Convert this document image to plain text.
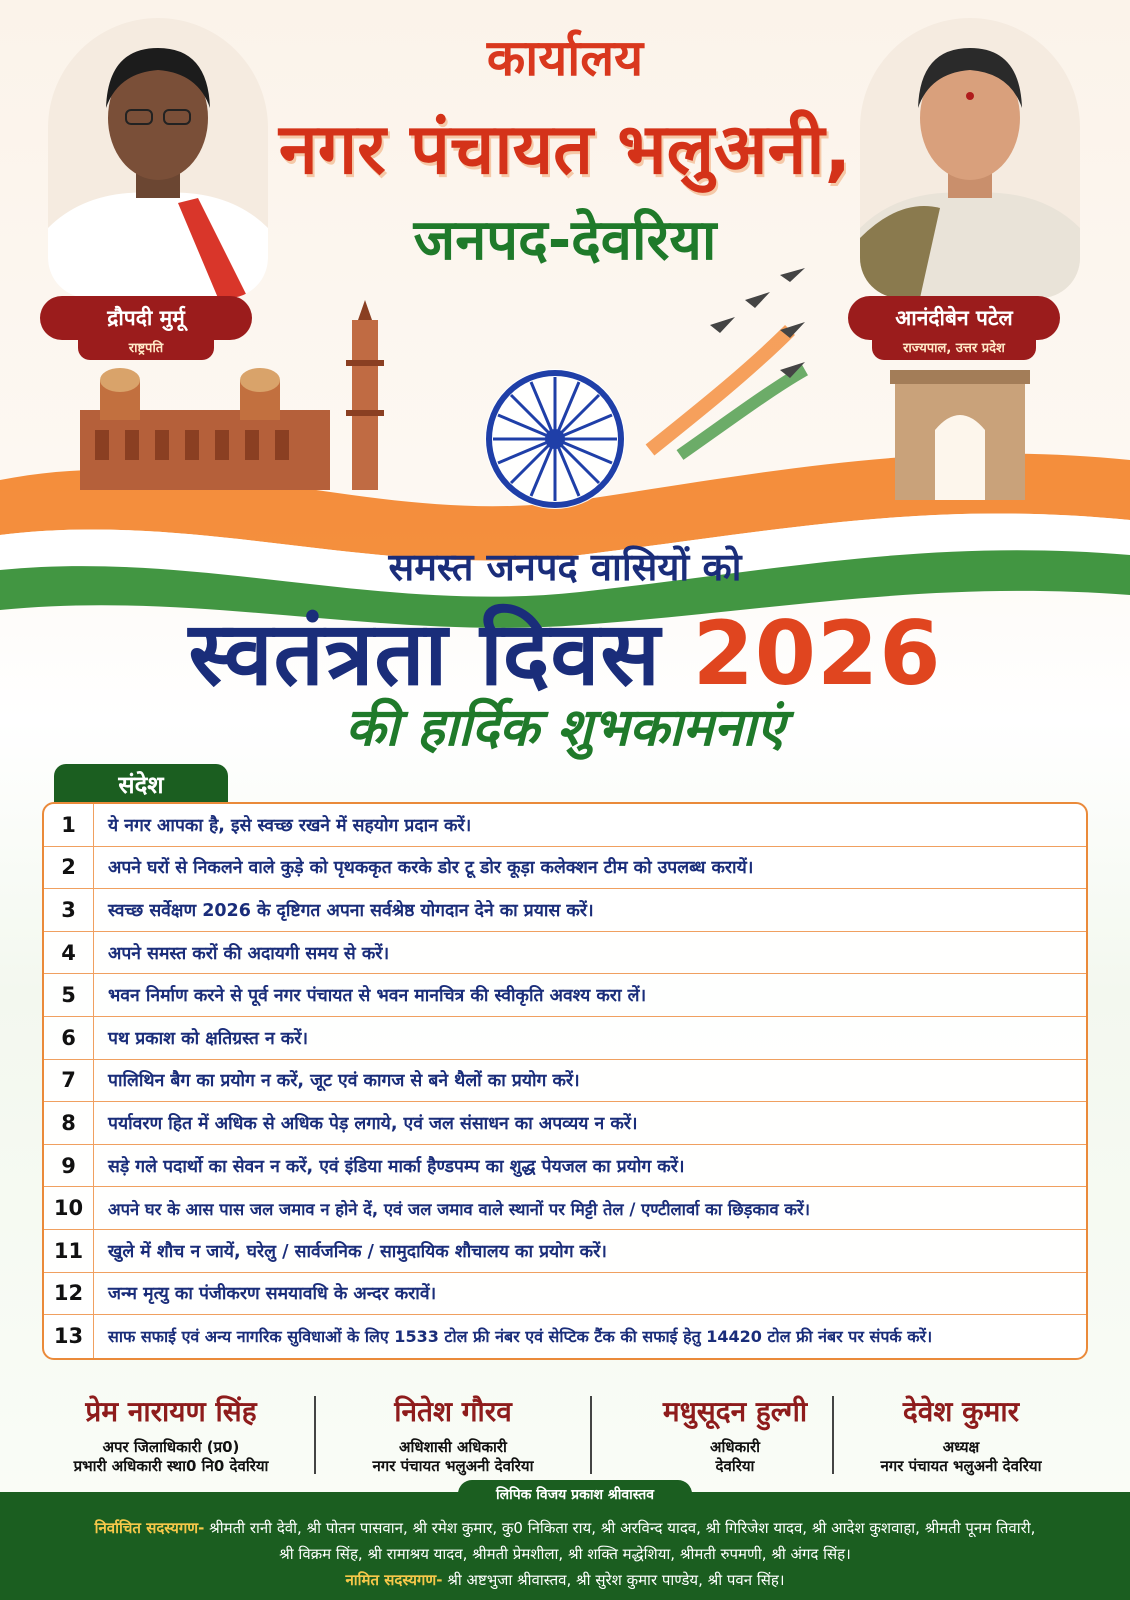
कार्यालय
नगर पंचायत भलुअनी,
जनपद-देवरिया
द्रौपदी मुर्मू
राष्ट्रपति
आनंदीबेन पटेल
राज्यपाल, उत्तर प्रदेश
समस्त जनपद वासियों को
स्वतंत्रता दिवस 2026
की हार्दिक शुभकामनाएं
संदेश
1	ये नगर आपका है, इसे स्वच्छ रखने में सहयोग प्रदान करें।
2	अपने घरों से निकलने वाले कुड़े को पृथककृत करके डोर टू डोर कूड़ा कलेक्शन टीम को उपलब्ध करायें।
3	स्वच्छ सर्वेक्षण 2026 के दृष्टिगत अपना सर्वश्रेष्ठ योगदान देने का प्रयास करें।
4	अपने समस्त करों की अदायगी समय से करें।
5	भवन निर्माण करने से पूर्व नगर पंचायत से भवन मानचित्र की स्वीकृति अवश्य करा लें।
6	पथ प्रकाश को क्षतिग्रस्त न करें।
7	पालिथिन बैग का प्रयोग न करें, जूट एवं कागज से बने थैलों का प्रयोग करें।
8	पर्यावरण हित में अधिक से अधिक पेड़ लगाये, एवं जल संसाधन का अपव्यय न करें।
9	सड़े गले पदार्थो का सेवन न करें, एवं इंडिया मार्का हैण्डपम्प का शुद्ध पेयजल का प्रयोग करें।
10	अपने घर के आस पास जल जमाव न होने दें, एवं जल जमाव वाले स्थानों पर मिट्टी तेल / एण्टीलार्वा का छिड़काव करें।
11	खुले में शौच न जायें, घरेलु / सार्वजनिक / सामुदायिक शौचालय का प्रयोग करें।
12	जन्म मृत्यु का पंजीकरण समयावधि के अन्दर करावें।
13	साफ सफाई एवं अन्य नागरिक सुविधाओं के लिए 1533 टोल फ्री नंबर एवं सेप्टिक टैंक की सफाई हेतु 14420 टोल फ्री नंबर पर संपर्क करें।
प्रेम नारायण सिंह
अपर जिलाधिकारी (प्र0)
प्रभारी अधिकारी स्था0 नि0 देवरिया
नितेश गौरव
अधिशासी अधिकारी
नगर पंचायत भलुअनी देवरिया
मधुसूदन हुल्गी
अधिकारी
देवरिया
देवेश कुमार
अध्यक्ष
नगर पंचायत भलुअनी देवरिया
लिपिक विजय प्रकाश श्रीवास्तव
निर्वाचित सदस्यगण- श्रीमती रानी देवी, श्री पोतन पासवान, श्री रमेश कुमार, कु0 निकिता राय, श्री अरविन्द यादव, श्री गिरिजेश यादव, श्री आदेश कुशवाहा, श्रीमती पूनम तिवारी,
श्री विक्रम सिंह, श्री रामाश्रय यादव, श्रीमती प्रेमशीला, श्री शक्ति मद्धेशिया, श्रीमती रुपमणी, श्री अंगद सिंह।
नामित सदस्यगण- श्री अष्टभुजा श्रीवास्तव, श्री सुरेश कुमार पाण्डेय, श्री पवन सिंह।
